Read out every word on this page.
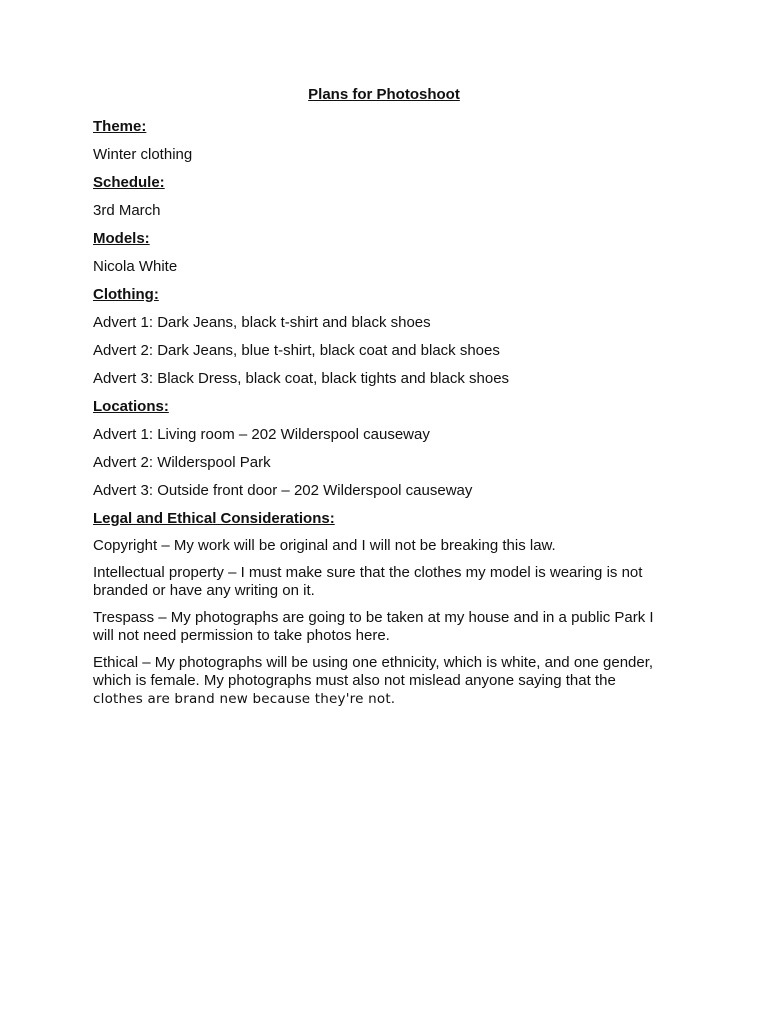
Plans for Photoshoot
Theme:
Winter clothing
Schedule:
3rd March
Models:
Nicola White
Clothing:
Advert 1: Dark Jeans, black t-shirt and black shoes
Advert 2: Dark Jeans, blue t-shirt, black coat and black shoes
Advert 3: Black Dress, black coat, black tights and black shoes
Locations:
Advert 1: Living room – 202 Wilderspool causeway
Advert 2: Wilderspool Park
Advert 3: Outside front door – 202 Wilderspool causeway
Legal and Ethical Considerations:
Copyright – My work will be original and I will not be breaking this law.
Intellectual property – I must make sure that the clothes my model is wearing is not branded or have any writing on it.
Trespass – My photographs are going to be taken at my house and in a public Park I will not need permission to take photos here.
Ethical – My photographs will be using one ethnicity, which is white, and one gender, which is female. My photographs must also not mislead anyone saying that the
clothes are brand new because they're not.
